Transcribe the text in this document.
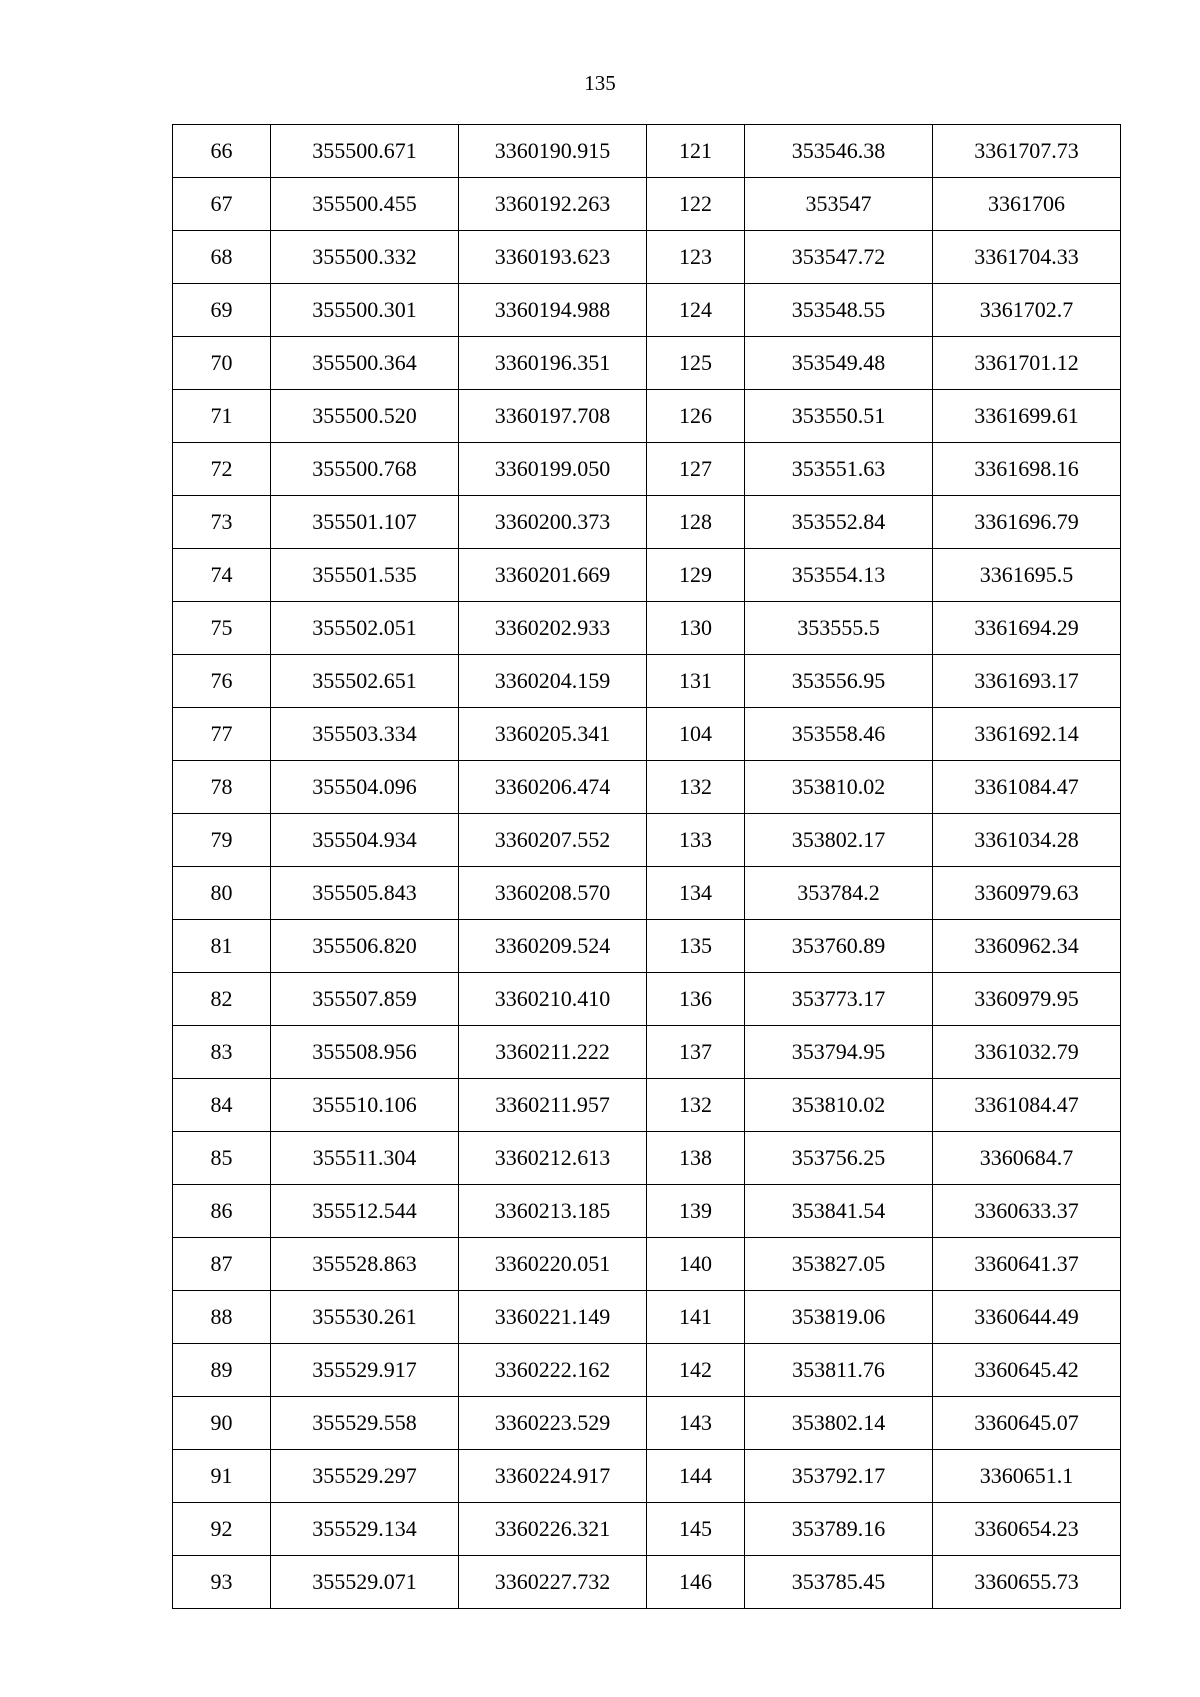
135
66	355500.671	3360190.915	121	353546.38	3361707.73
67	355500.455	3360192.263	122	353547	3361706
68	355500.332	3360193.623	123	353547.72	3361704.33
69	355500.301	3360194.988	124	353548.55	3361702.7
70	355500.364	3360196.351	125	353549.48	3361701.12
71	355500.520	3360197.708	126	353550.51	3361699.61
72	355500.768	3360199.050	127	353551.63	3361698.16
73	355501.107	3360200.373	128	353552.84	3361696.79
74	355501.535	3360201.669	129	353554.13	3361695.5
75	355502.051	3360202.933	130	353555.5	3361694.29
76	355502.651	3360204.159	131	353556.95	3361693.17
77	355503.334	3360205.341	104	353558.46	3361692.14
78	355504.096	3360206.474	132	353810.02	3361084.47
79	355504.934	3360207.552	133	353802.17	3361034.28
80	355505.843	3360208.570	134	353784.2	3360979.63
81	355506.820	3360209.524	135	353760.89	3360962.34
82	355507.859	3360210.410	136	353773.17	3360979.95
83	355508.956	3360211.222	137	353794.95	3361032.79
84	355510.106	3360211.957	132	353810.02	3361084.47
85	355511.304	3360212.613	138	353756.25	3360684.7
86	355512.544	3360213.185	139	353841.54	3360633.37
87	355528.863	3360220.051	140	353827.05	3360641.37
88	355530.261	3360221.149	141	353819.06	3360644.49
89	355529.917	3360222.162	142	353811.76	3360645.42
90	355529.558	3360223.529	143	353802.14	3360645.07
91	355529.297	3360224.917	144	353792.17	3360651.1
92	355529.134	3360226.321	145	353789.16	3360654.23
93	355529.071	3360227.732	146	353785.45	3360655.73
